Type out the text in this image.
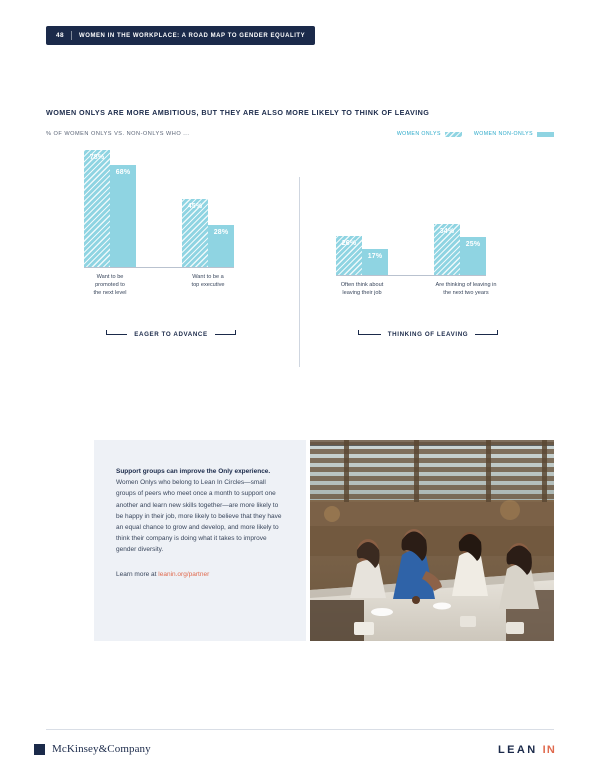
48	WOMEN IN THE WORKPLACE: A ROAD MAP TO GENDER EQUALITY
WOMEN ONLYS ARE MORE AMBITIOUS, BUT THEY ARE ALSO MORE LIKELY TO THINK OF LEAVING
% OF WOMEN ONLYS VS. NON-ONLYS WHO ...	WOMEN ONLYS	WOMEN NON-ONLYS
78%
68%
45%
28%
Want to be promoted to
the next level
Want to be a
top executive
26%
17%
34%
25%
Often think about
leaving their job
Are thinking of leaving in
the next two years
EAGER TO ADVANCE	THINKING OF LEAVING

Support groups can improve the Only experience. Women Onlys who belong to Lean In Circles—small groups of peers who meet once a month to support one another and learn new skills together—are more likely to be happy in their job, more likely to believe that they have an equal chance to grow and develop, and more likely to think their company is doing what it takes to improve gender diversity.

Learn more at leanin.org/partner

McKinsey&Company	LEAN IN
